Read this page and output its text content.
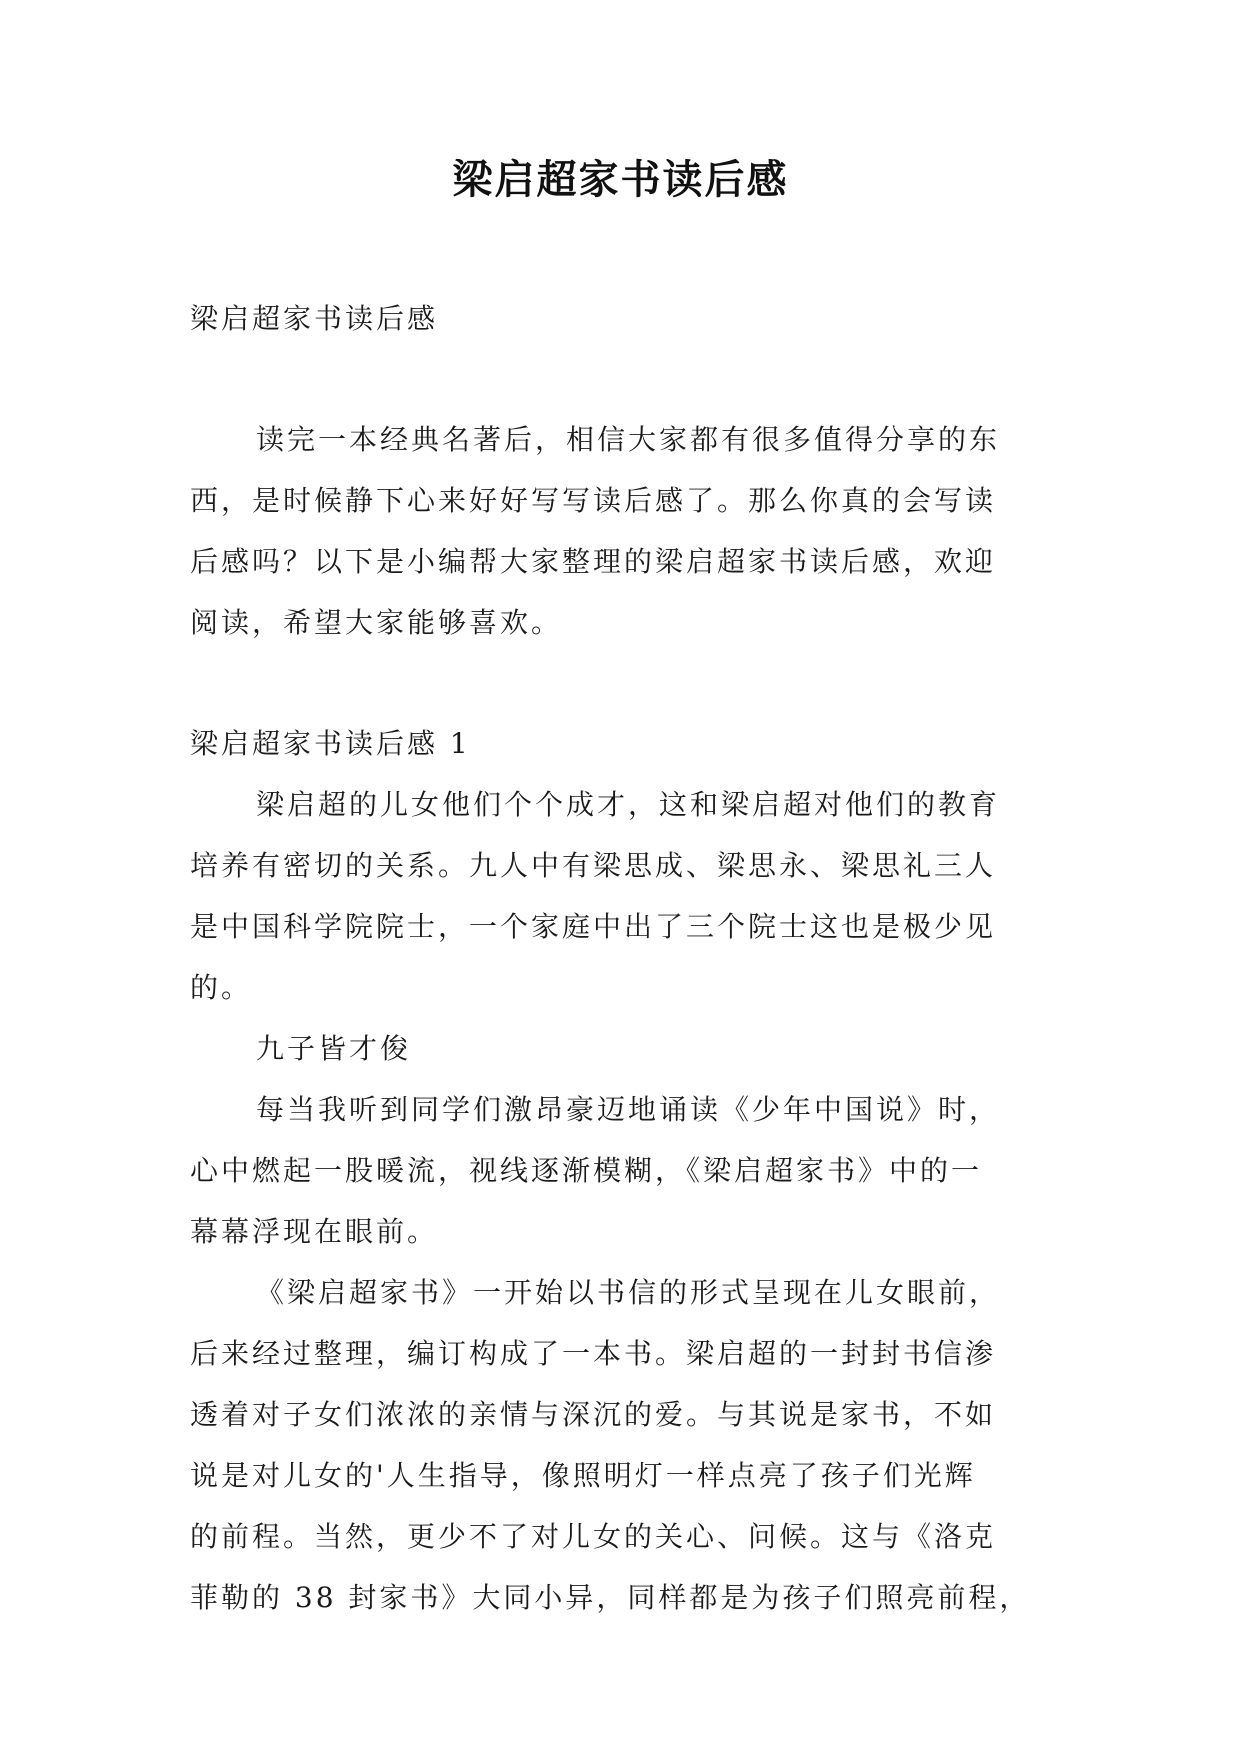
梁启超家书读后感
梁启超家书读后感
读完一本经典名著后，相信大家都有很多值得分享的东
西，是时候静下心来好好写写读后感了。那么你真的会写读
后感吗？以下是小编帮大家整理的梁启超家书读后感，欢迎
阅读，希望大家能够喜欢。
梁启超家书读后感 1
梁启超的儿女他们个个成才，这和梁启超对他们的教育
培养有密切的关系。九人中有梁思成、梁思永、梁思礼三人
是中国科学院院士，一个家庭中出了三个院士这也是极少见
的。
九子皆才俊
每当我听到同学们激昂豪迈地诵读《少年中国说》时，
心中燃起一股暖流，视线逐渐模糊，《梁启超家书》中的一
幕幕浮现在眼前。
《梁启超家书》一开始以书信的形式呈现在儿女眼前，
后来经过整理，编订构成了一本书。梁启超的一封封书信渗
透着对子女们浓浓的亲情与深沉的爱。与其说是家书，不如
说是对儿女的'人生指导，像照明灯一样点亮了孩子们光辉
的前程。当然，更少不了对儿女的关心、问候。这与《洛克
菲勒的 38 封家书》大同小异，同样都是为孩子们照亮前程，
